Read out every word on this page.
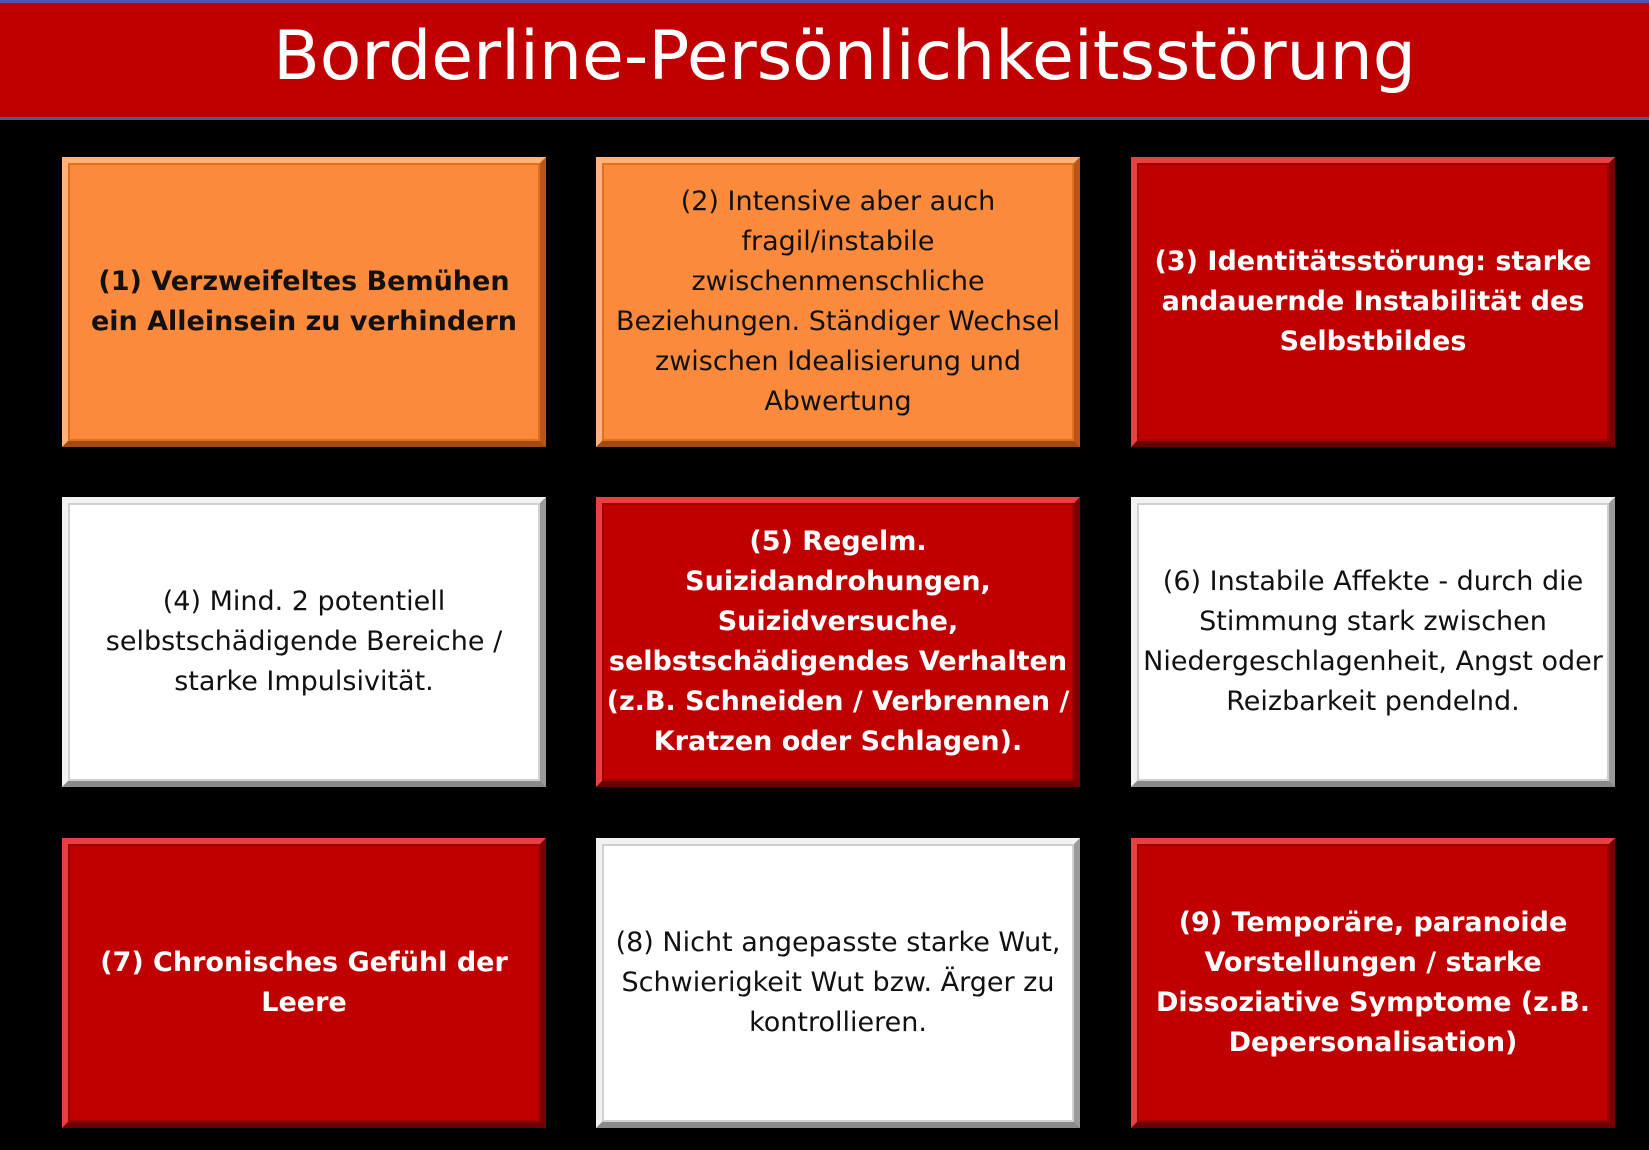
Borderline-Persönlichkeitsstörung
(1) Verzweifeltes Bemühen ein Alleinsein zu verhindern
(2) Intensive aber auch fragil/instabile zwischenmenschliche Beziehungen. Ständiger Wechsel zwischen Idealisierung und Abwertung
(3) Identitätsstörung: starke andauernde Instabilität des Selbstbildes
(4) Mind. 2 potentiell selbstschädigende Bereiche / starke Impulsivität.
(5) Regelm. Suizidandrohungen, Suizidversuche, selbstschädigendes Verhalten (z.B. Schneiden / Verbrennen / Kratzen oder Schlagen).
(6) Instabile Affekte - durch die Stimmung stark zwischen Niedergeschlagenheit, Angst oder Reizbarkeit pendelnd.
(7) Chronisches Gefühl der Leere
(8) Nicht angepasste starke Wut, Schwierigkeit Wut bzw. Ärger zu kontrollieren.
(9) Temporäre, paranoide Vorstellungen / starke Dissoziative Symptome (z.B. Depersonalisation)
